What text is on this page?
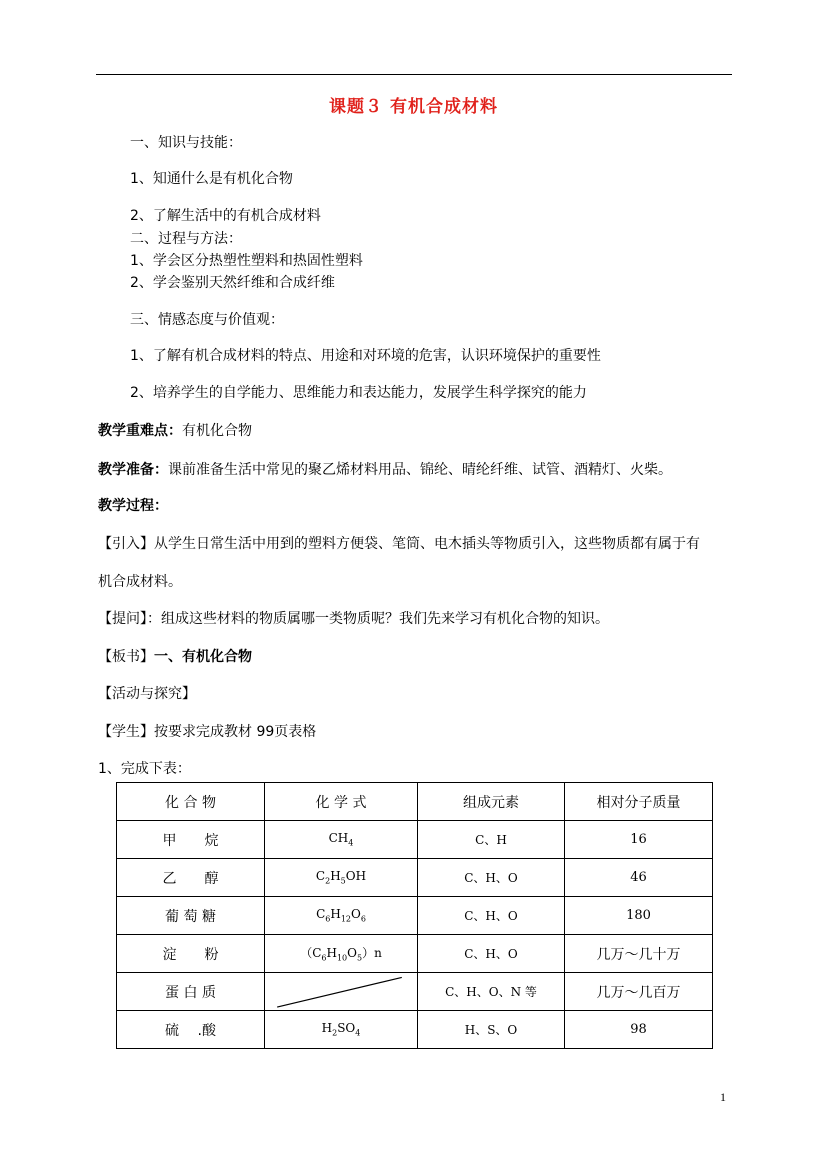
课题３ 有机合成材料
一、知识与技能：
1、知通什么是有机化合物
2、了解生活中的有机合成材料
二、过程与方法：
1、学会区分热塑性塑料和热固性塑料
2、学会鉴别天然纤维和合成纤维
三、情感态度与价值观：
1、了解有机合成材料的特点、用途和对环境的危害，认识环境保护的重要性
2、培养学生的自学能力、思维能力和表达能力，发展学生科学探究的能力
教学重难点：有机化合物
教学准备：课前准备生活中常见的聚乙烯材料用品、锦纶、晴纶纤维、试管、酒精灯、火柴。
教学过程：
【引入】从学生日常生活中用到的塑料方便袋、笔筒、电木插头等物质引入，这些物质都有属于有
机合成材料。
【提问】：组成这些材料的物质属哪一类物质呢？我们先来学习有机化合物的知识。
【板书】一、有机化合物
【活动与探究】
【学生】按要求完成教材 99页表格
1、完成下表：
化 合 物	化 学 式	组成元素	相对分子质量
甲　　烷	$CH_4$	C、H	16
乙　　醇	$C_2H_5OH$	C、H、O	46
葡 萄 糖	$C_6H_{12}O_6$	C、H、O	180
淀　　粉	$(C_6H_{10}O_5)n$	C、H、O	几万～几十万
蛋 白 质		C、H、O、N 等	几万～几百万
硫　 .酸	$H_2SO_4$	H、S、O	98
1
